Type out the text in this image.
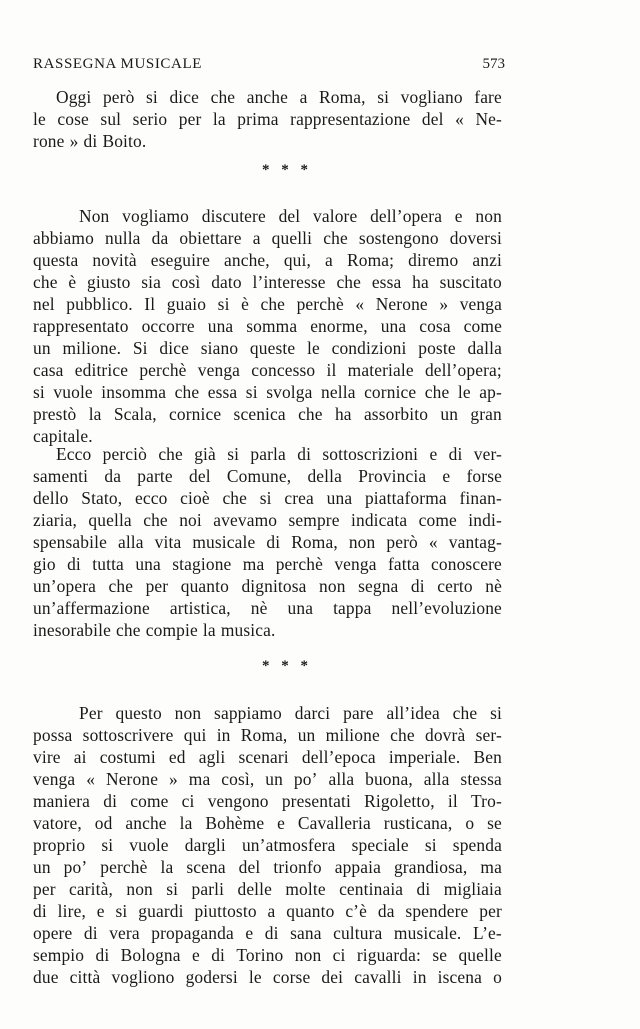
RASSEGNA MUSICALE	573
Oggi però si dice che anche a Roma, si vogliano fare
le cose sul serio per la prima rappresentazione del « Ne-
rone » di Boito.
* * *
Non vogliamo discutere del valore dell’opera e non
abbiamo nulla da obiettare a quelli che sostengono doversi
questa novità eseguire anche, qui, a Roma; diremo anzi
che è giusto sia così dato l’interesse che essa ha suscitato
nel pubblico. Il guaio si è che perchè « Nerone » venga
rappresentato occorre una somma enorme, una cosa come
un milione. Si dice siano queste le condizioni poste dalla
casa editrice perchè venga concesso il materiale dell’opera;
si vuole insomma che essa si svolga nella cornice che le ap-
prestò la Scala, cornice scenica che ha assorbito un gran
capitale.
Ecco perciò che già si parla di sottoscrizioni e di ver-
samenti da parte del Comune, della Provincia e forse
dello Stato, ecco cioè che si crea una piattaforma finan-
ziaria, quella che noi avevamo sempre indicata come indi-
spensabile alla vita musicale di Roma, non però « vantag-
gio di tutta una stagione ma perchè venga fatta conoscere
un’opera che per quanto dignitosa non segna di certo nè
un’affermazione artistica, nè una tappa nell’evoluzione
inesorabile che compie la musica.
* * *
Per questo non sappiamo darci pare all’idea che si
possa sottoscrivere qui in Roma, un milione che dovrà ser-
vire ai costumi ed agli scenari dell’epoca imperiale. Ben
venga « Nerone » ma così, un po’ alla buona, alla stessa
maniera di come ci vengono presentati Rigoletto, il Tro-
vatore, od anche la Bohème e Cavalleria rusticana, o se
proprio si vuole dargli un’atmosfera speciale si spenda
un po’ perchè la scena del trionfo appaia grandiosa, ma
per carità, non si parli delle molte centinaia di migliaia
di lire, e si guardi piuttosto a quanto c’è da spendere per
opere di vera propaganda e di sana cultura musicale. L’e-
sempio di Bologna e di Torino non ci riguarda: se quelle
due città vogliono godersi le corse dei cavalli in iscena o
